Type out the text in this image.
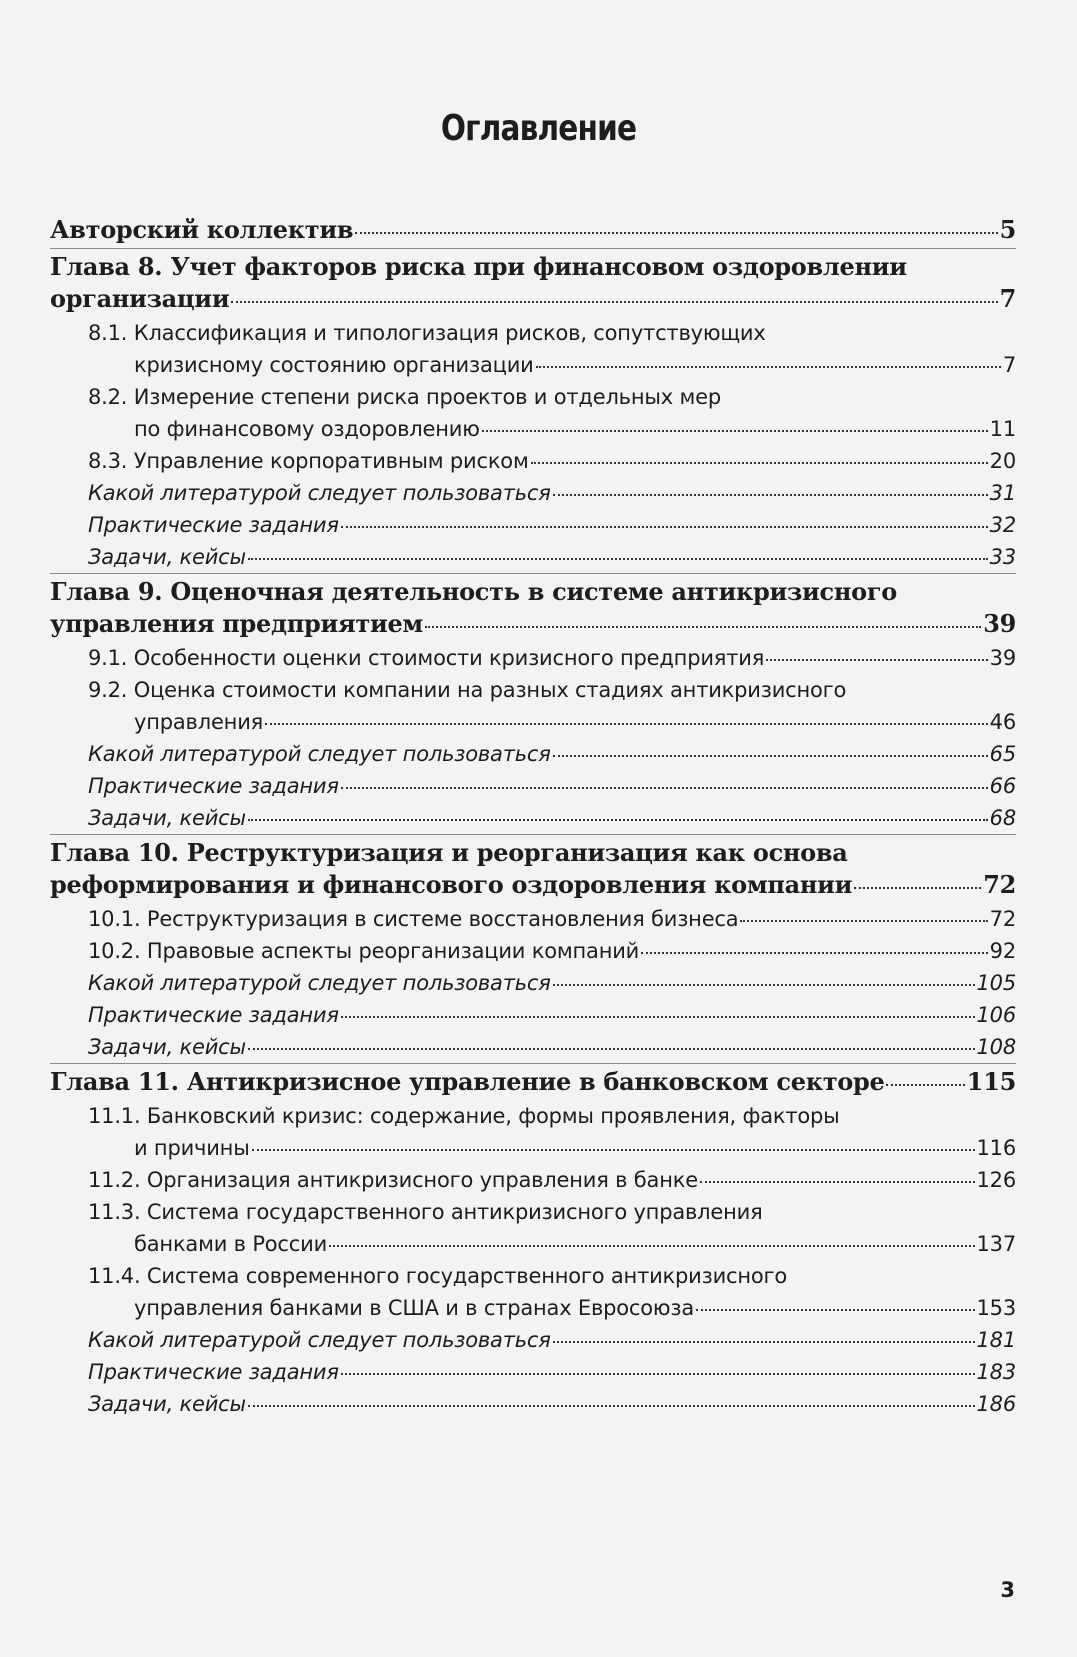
Оглавление
Авторский коллектив	5
Глава 8. Учет факторов риска при финансовом оздоровлении
организации	7
8.1. Классификация и типологизация рисков, сопутствующих
кризисному состоянию организации	7
8.2. Измерение степени риска проектов и отдельных мер
по финансовому оздоровлению	11
8.3. Управление корпоративным риском	20
Какой литературой следует пользоваться	31
Практические задания	32
Задачи, кейсы	33
Глава 9. Оценочная деятельность в системе антикризисного
управления предприятием	39
9.1. Особенности оценки стоимости кризисного предприятия	39
9.2. Оценка стоимости компании на разных стадиях антикризисного
управления	46
Какой литературой следует пользоваться	65
Практические задания	66
Задачи, кейсы	68
Глава 10. Реструктуризация и реорганизация как основа
реформирования и финансового оздоровления компании	72
10.1. Реструктуризация в системе восстановления бизнеса	72
10.2. Правовые аспекты реорганизации компаний	92
Какой литературой следует пользоваться	105
Практические задания	106
Задачи, кейсы	108
Глава 11. Антикризисное управление в банковском секторе	115
11.1. Банковский кризис: содержание, формы проявления, факторы
и причины	116
11.2. Организация антикризисного управления в банке	126
11.3. Система государственного антикризисного управления
банками в России	137
11.4. Система современного государственного антикризисного
управления банками в США и в странах Евросоюза	153
Какой литературой следует пользоваться	181
Практические задания	183
Задачи, кейсы	186
3
